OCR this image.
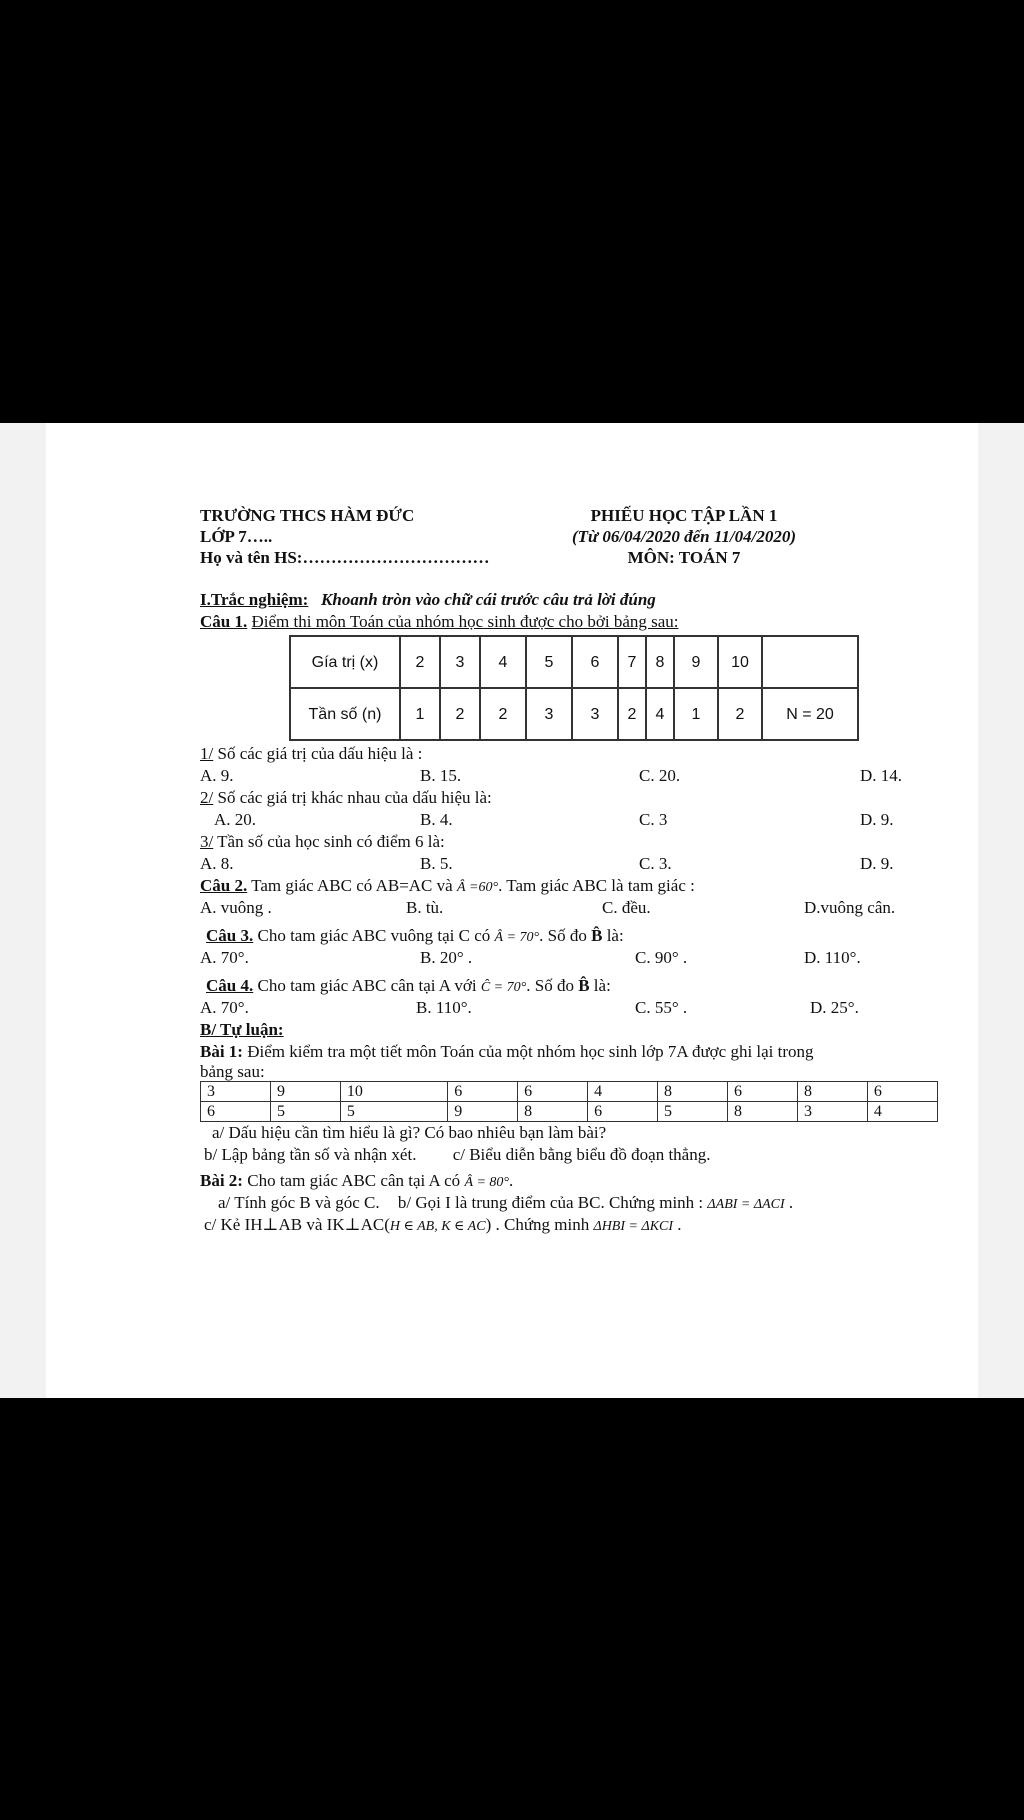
TRƯỜNG THCS HÀM ĐỨC
LỚP 7…..
Họ và tên HS:……………………………
PHIẾU HỌC TẬP LẦN 1
(Từ 06/04/2020 đến 11/04/2020)
MÔN: TOÁN 7
I.Trắc nghiệm: Khoanh tròn vào chữ cái trước câu trả lời đúng
Câu 1. Điểm thi môn Toán của nhóm học sinh được cho bởi bảng sau:
Gía trị (x)	2	3	4	5	6	7	8	9	10	
Tần số (n)	1	2	2	3	3	2	4	1	2	N = 20
1/ Số các giá trị của dấu hiệu là :
A. 9.	B. 15.	C. 20.	D. 14.
2/ Số các giá trị khác nhau của dấu hiệu là:
A. 20.	B. 4.	C. 3	D. 9.
3/ Tần số của học sinh có điểm 6 là:
A. 8.	B. 5.	C. 3.	D. 9.
Câu 2. Tam giác ABC có AB=AC và Â =60°. Tam giác ABC là tam giác :
A. vuông .	B. tù.	C. đều.	D.vuông cân.
Câu 3. Cho tam giác ABC vuông tại C có Â = 70°. Số đo B̂ là:
A. 70°.	B. 20° .	C. 90° .	D. 110°.
Câu 4. Cho tam giác ABC cân tại A với Ĉ = 70°. Số đo B̂ là:
A. 70°.	B. 110°.	C. 55° .	D. 25°.
B/ Tự luận:
Bài 1: Điểm kiểm tra một tiết môn Toán của một nhóm học sinh lớp 7A được ghi lại trong
bảng sau:
3	9	10	6	6	4	8	6	8	6
6	5	5	9	8	6	5	8	3	4
a/ Dấu hiệu cần tìm hiểu là gì? Có bao nhiêu bạn làm bài?
b/ Lập bảng tần số và nhận xét. c/ Biểu diễn bằng biểu đồ đoạn thẳng.
Bài 2: Cho tam giác ABC cân tại A có Â = 80°.
a/ Tính góc B và góc C. b/ Gọi I là trung điểm của BC. Chứng minh : ΔABI = ΔACI .
c/ Kẻ IH⊥AB và IK⊥AC(H ∈ AB, K ∈ AC) . Chứng minh ΔHBI = ΔKCI .
